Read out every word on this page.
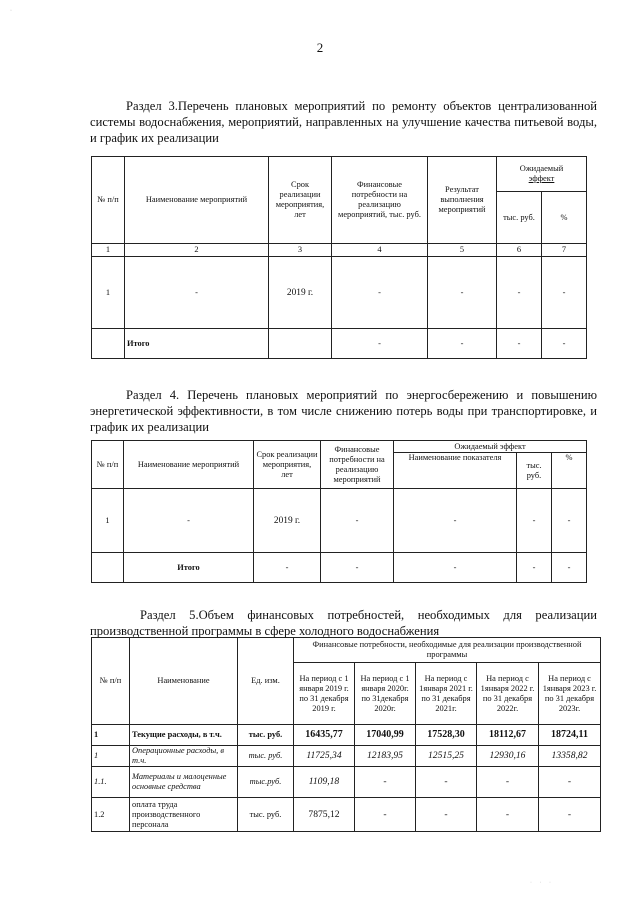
·
2
Раздел 3.Перечень плановых мероприятий по ремонту объектов централизованной системы водоснабжения, мероприятий, направленных на улучшение качества питьевой воды, и график их реализации
№ п/п	Наименование мероприятий	Срок реализации мероприятия, лет	Финансовые потребности на реализацию мероприятий, тыс. руб.	Результат выполнения мероприятий	Ожидаемый
эффект	
					тыс. руб.	%
1	2	3	4	5	6	7
1	-	2019 г.	-	-	-	-
	Итого		-	-	-	-
Раздел 4. Перечень плановых мероприятий по энергосбережению и повышению энергетической эффективности, в том числе снижению потерь воды при транспортировке, и график их реализации
№ п/п	Наименование мероприятий	Срок реализации мероприятия, лет	Финансовые потребности на реализацию мероприятий	Ожидаемый эффект		
				Наименование показателя	тыс. руб.	%
1	-	2019 г.	-	-	-	-
	Итого	-	-	-	-	-
Раздел 5.Объем финансовых потребностей, необходимых для реализации производственной программы в сфере холодного водоснабжения
№ п/п	Наименование	Ед. изм.	Финансовые потребности, необходимые для реализации производственной программы				
			На период с 1 января 2019 г. по 31 декабря 2019 г.	На период с 1 января 2020г. по 31декабря 2020г.	На период с 1января 2021 г. по 31 декабря 2021г.	На период с 1января 2022 г. по 31 декабря 2022г.	На период с 1января 2023 г. по 31 декабря 2023г.
1	Текущие расходы, в т.ч.	тыс. руб.	16435,77	17040,99	17528,30	18112,67	18724,11
1	Операционные расходы, в т.ч.	тыс. руб.	11725,34	12183,95	12515,25	12930,16	13358,82
1.1.	Материалы и малоценные основные средства	тыс.руб.	1109,18	-	-	-	-
1.2	оплата труда производственного персонала	тыс. руб.	7875,12	-	-	-	-
· · ·
